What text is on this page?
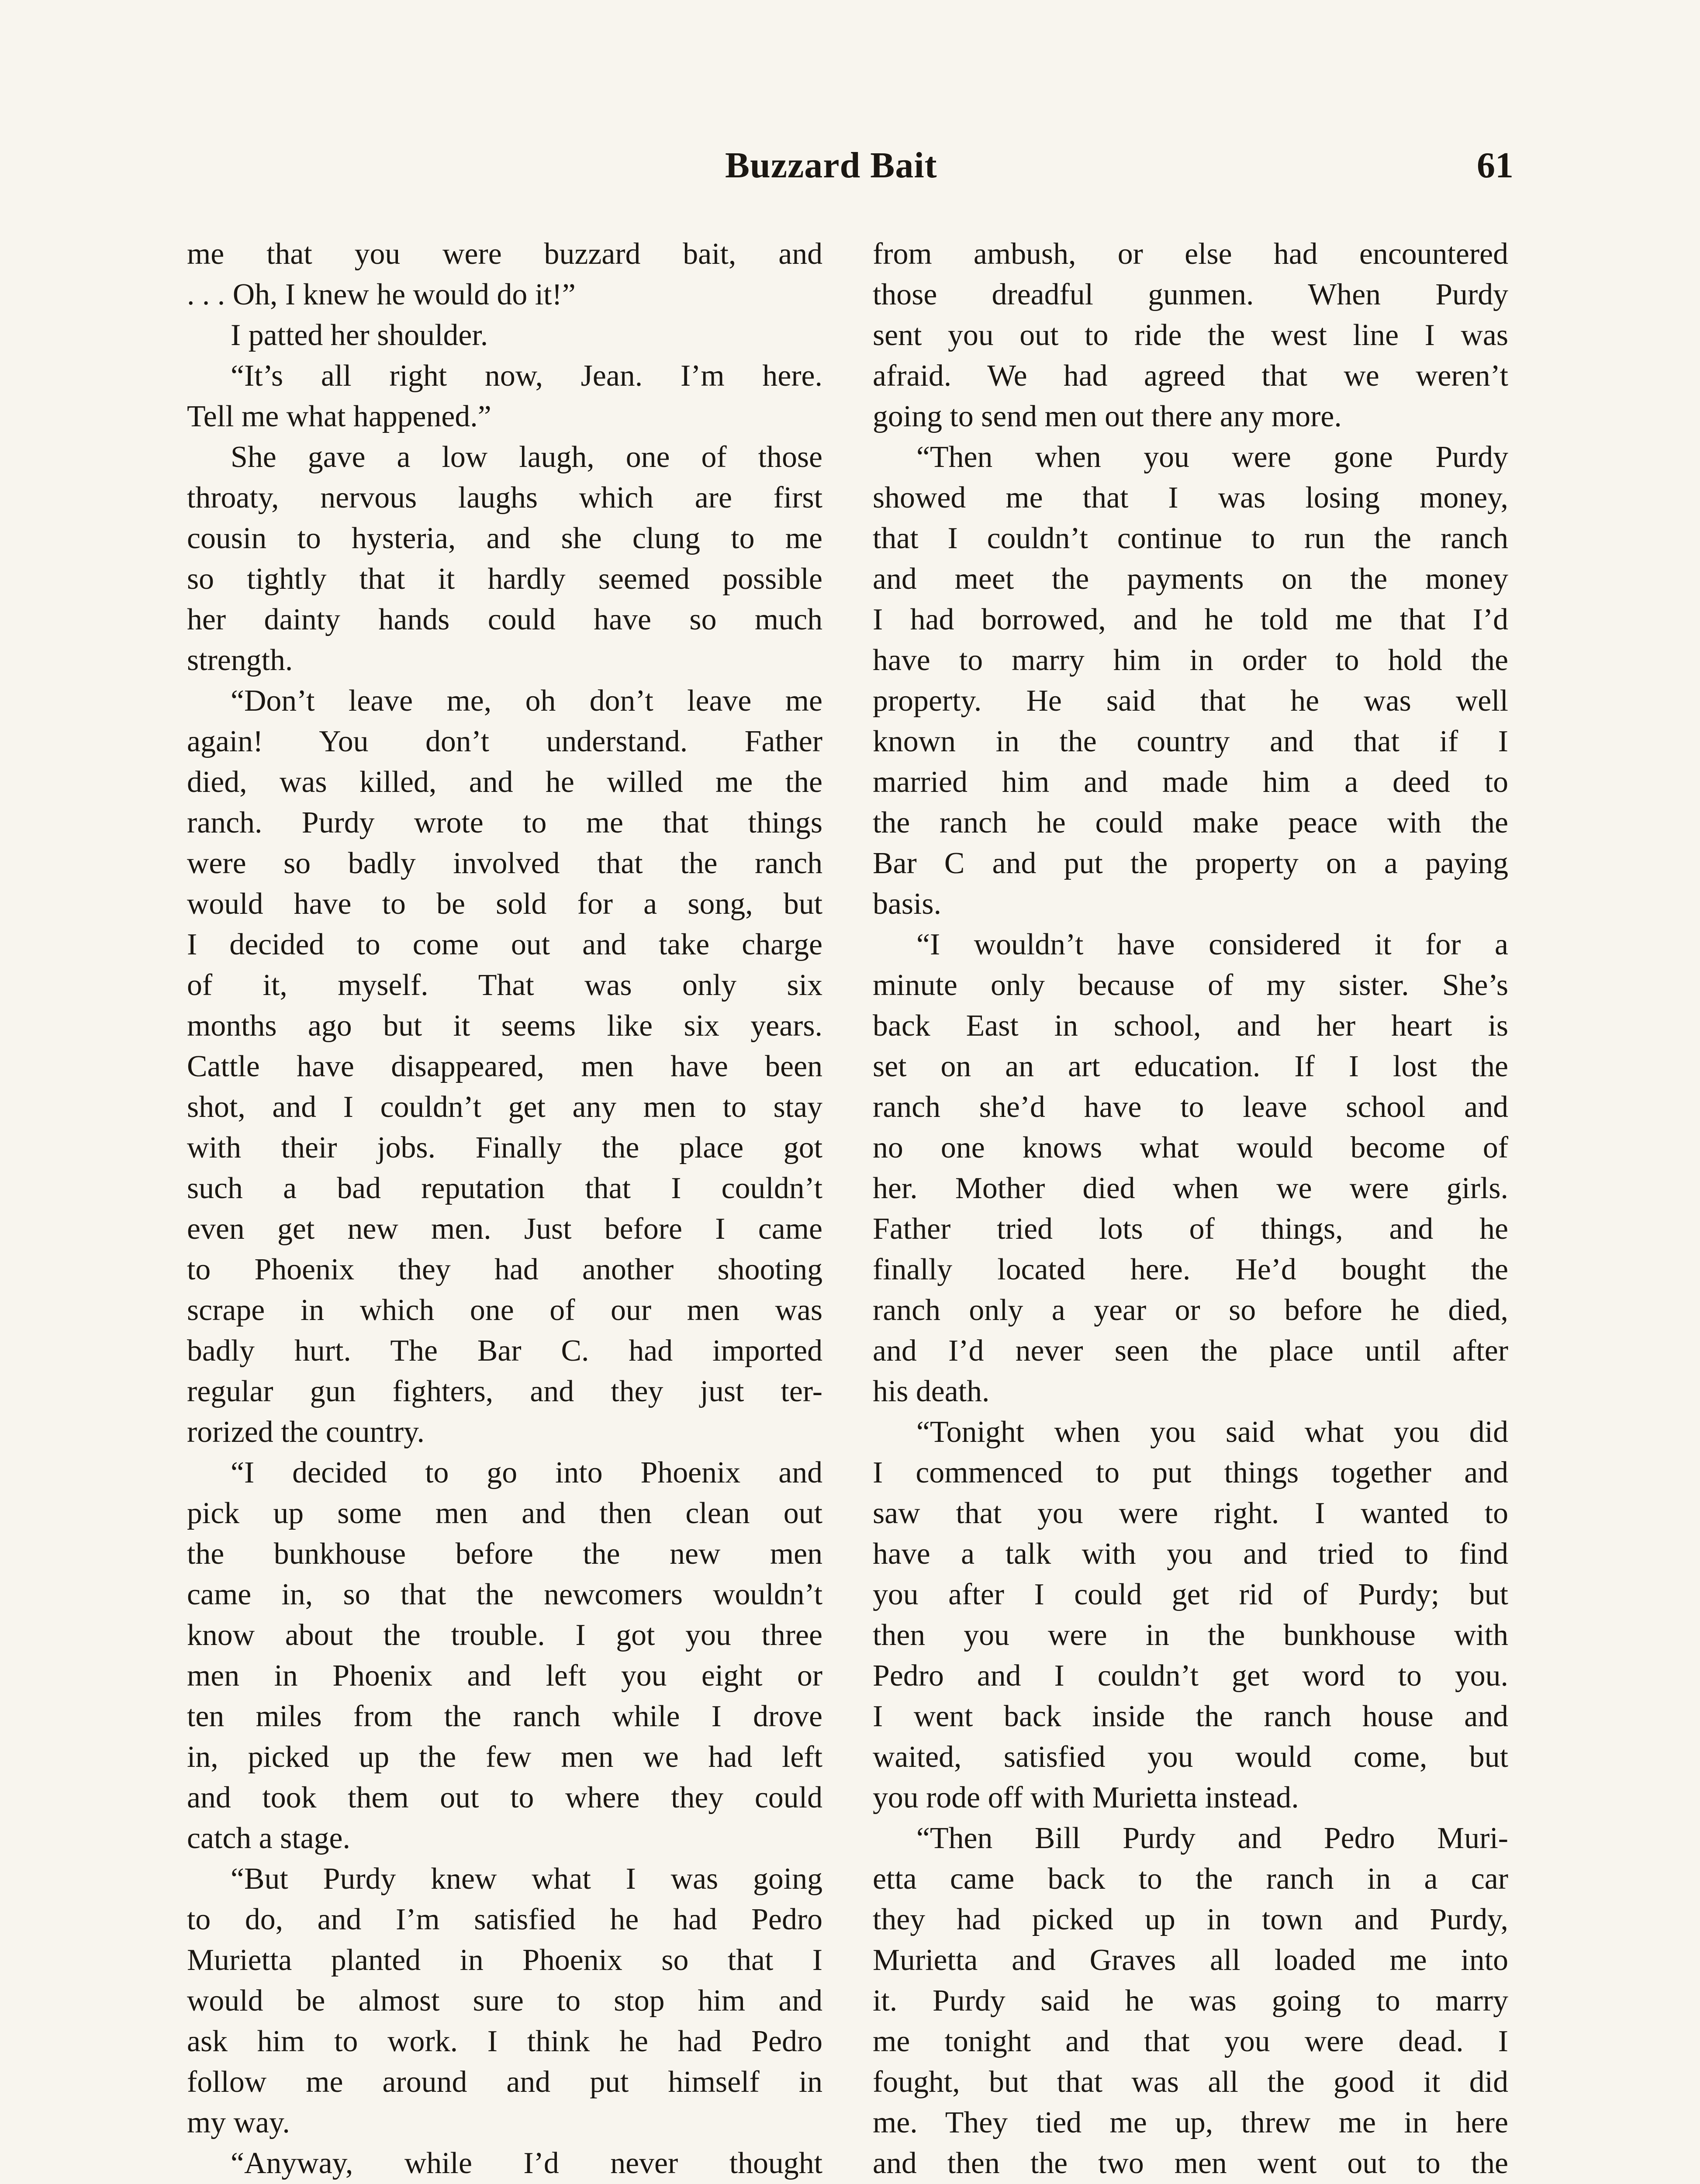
Buzzard Bait	61
me that you were buzzard bait, and
. . . Oh, I knew he would do it!”
I patted her shoulder.
“It’s all right now, Jean. I’m here.
Tell me what happened.”
She gave a low laugh, one of those
throaty, nervous laughs which are first
cousin to hysteria, and she clung to me
so tightly that it hardly seemed possible
her dainty hands could have so much
strength.
“Don’t leave me, oh don’t leave me
again! You don’t understand. Father
died, was killed, and he willed me the
ranch. Purdy wrote to me that things
were so badly involved that the ranch
would have to be sold for a song, but
I decided to come out and take charge
of it, myself. That was only six
months ago but it seems like six years.
Cattle have disappeared, men have been
shot, and I couldn’t get any men to stay
with their jobs. Finally the place got
such a bad reputation that I couldn’t
even get new men. Just before I came
to Phoenix they had another shooting
scrape in which one of our men was
badly hurt. The Bar C. had imported
regular gun fighters, and they just ter-
rorized the country.
“I decided to go into Phoenix and
pick up some men and then clean out
the bunkhouse before the new men
came in, so that the newcomers wouldn’t
know about the trouble. I got you three
men in Phoenix and left you eight or
ten miles from the ranch while I drove
in, picked up the few men we had left
and took them out to where they could
catch a stage.
“But Purdy knew what I was going
to do, and I’m satisfied he had Pedro
Murietta planted in Phoenix so that I
would be almost sure to stop him and
ask him to work. I think he had Pedro
follow me around and put himself in
my way.
“Anyway, while I’d never thought
from ambush, or else had encountered
those dreadful gunmen. When Purdy
sent you out to ride the west line I was
afraid. We had agreed that we weren’t
going to send men out there any more.
“Then when you were gone Purdy
showed me that I was losing money,
that I couldn’t continue to run the ranch
and meet the payments on the money
I had borrowed, and he told me that I’d
have to marry him in order to hold the
property. He said that he was well
known in the country and that if I
married him and made him a deed to
the ranch he could make peace with the
Bar C and put the property on a paying
basis.
“I wouldn’t have considered it for a
minute only because of my sister. She’s
back East in school, and her heart is
set on an art education. If I lost the
ranch she’d have to leave school and
no one knows what would become of
her. Mother died when we were girls.
Father tried lots of things, and he
finally located here. He’d bought the
ranch only a year or so before he died,
and I’d never seen the place until after
his death.
“Tonight when you said what you did
I commenced to put things together and
saw that you were right. I wanted to
have a talk with you and tried to find
you after I could get rid of Purdy; but
then you were in the bunkhouse with
Pedro and I couldn’t get word to you.
I went back inside the ranch house and
waited, satisfied you would come, but
you rode off with Murietta instead.
“Then Bill Purdy and Pedro Muri-
etta came back to the ranch in a car
they had picked up in town and Purdy,
Murietta and Graves all loaded me into
it. Purdy said he was going to marry
me tonight and that you were dead. I
fought, but that was all the good it did
me. They tied me up, threw me in here
and then the two men went out to the
